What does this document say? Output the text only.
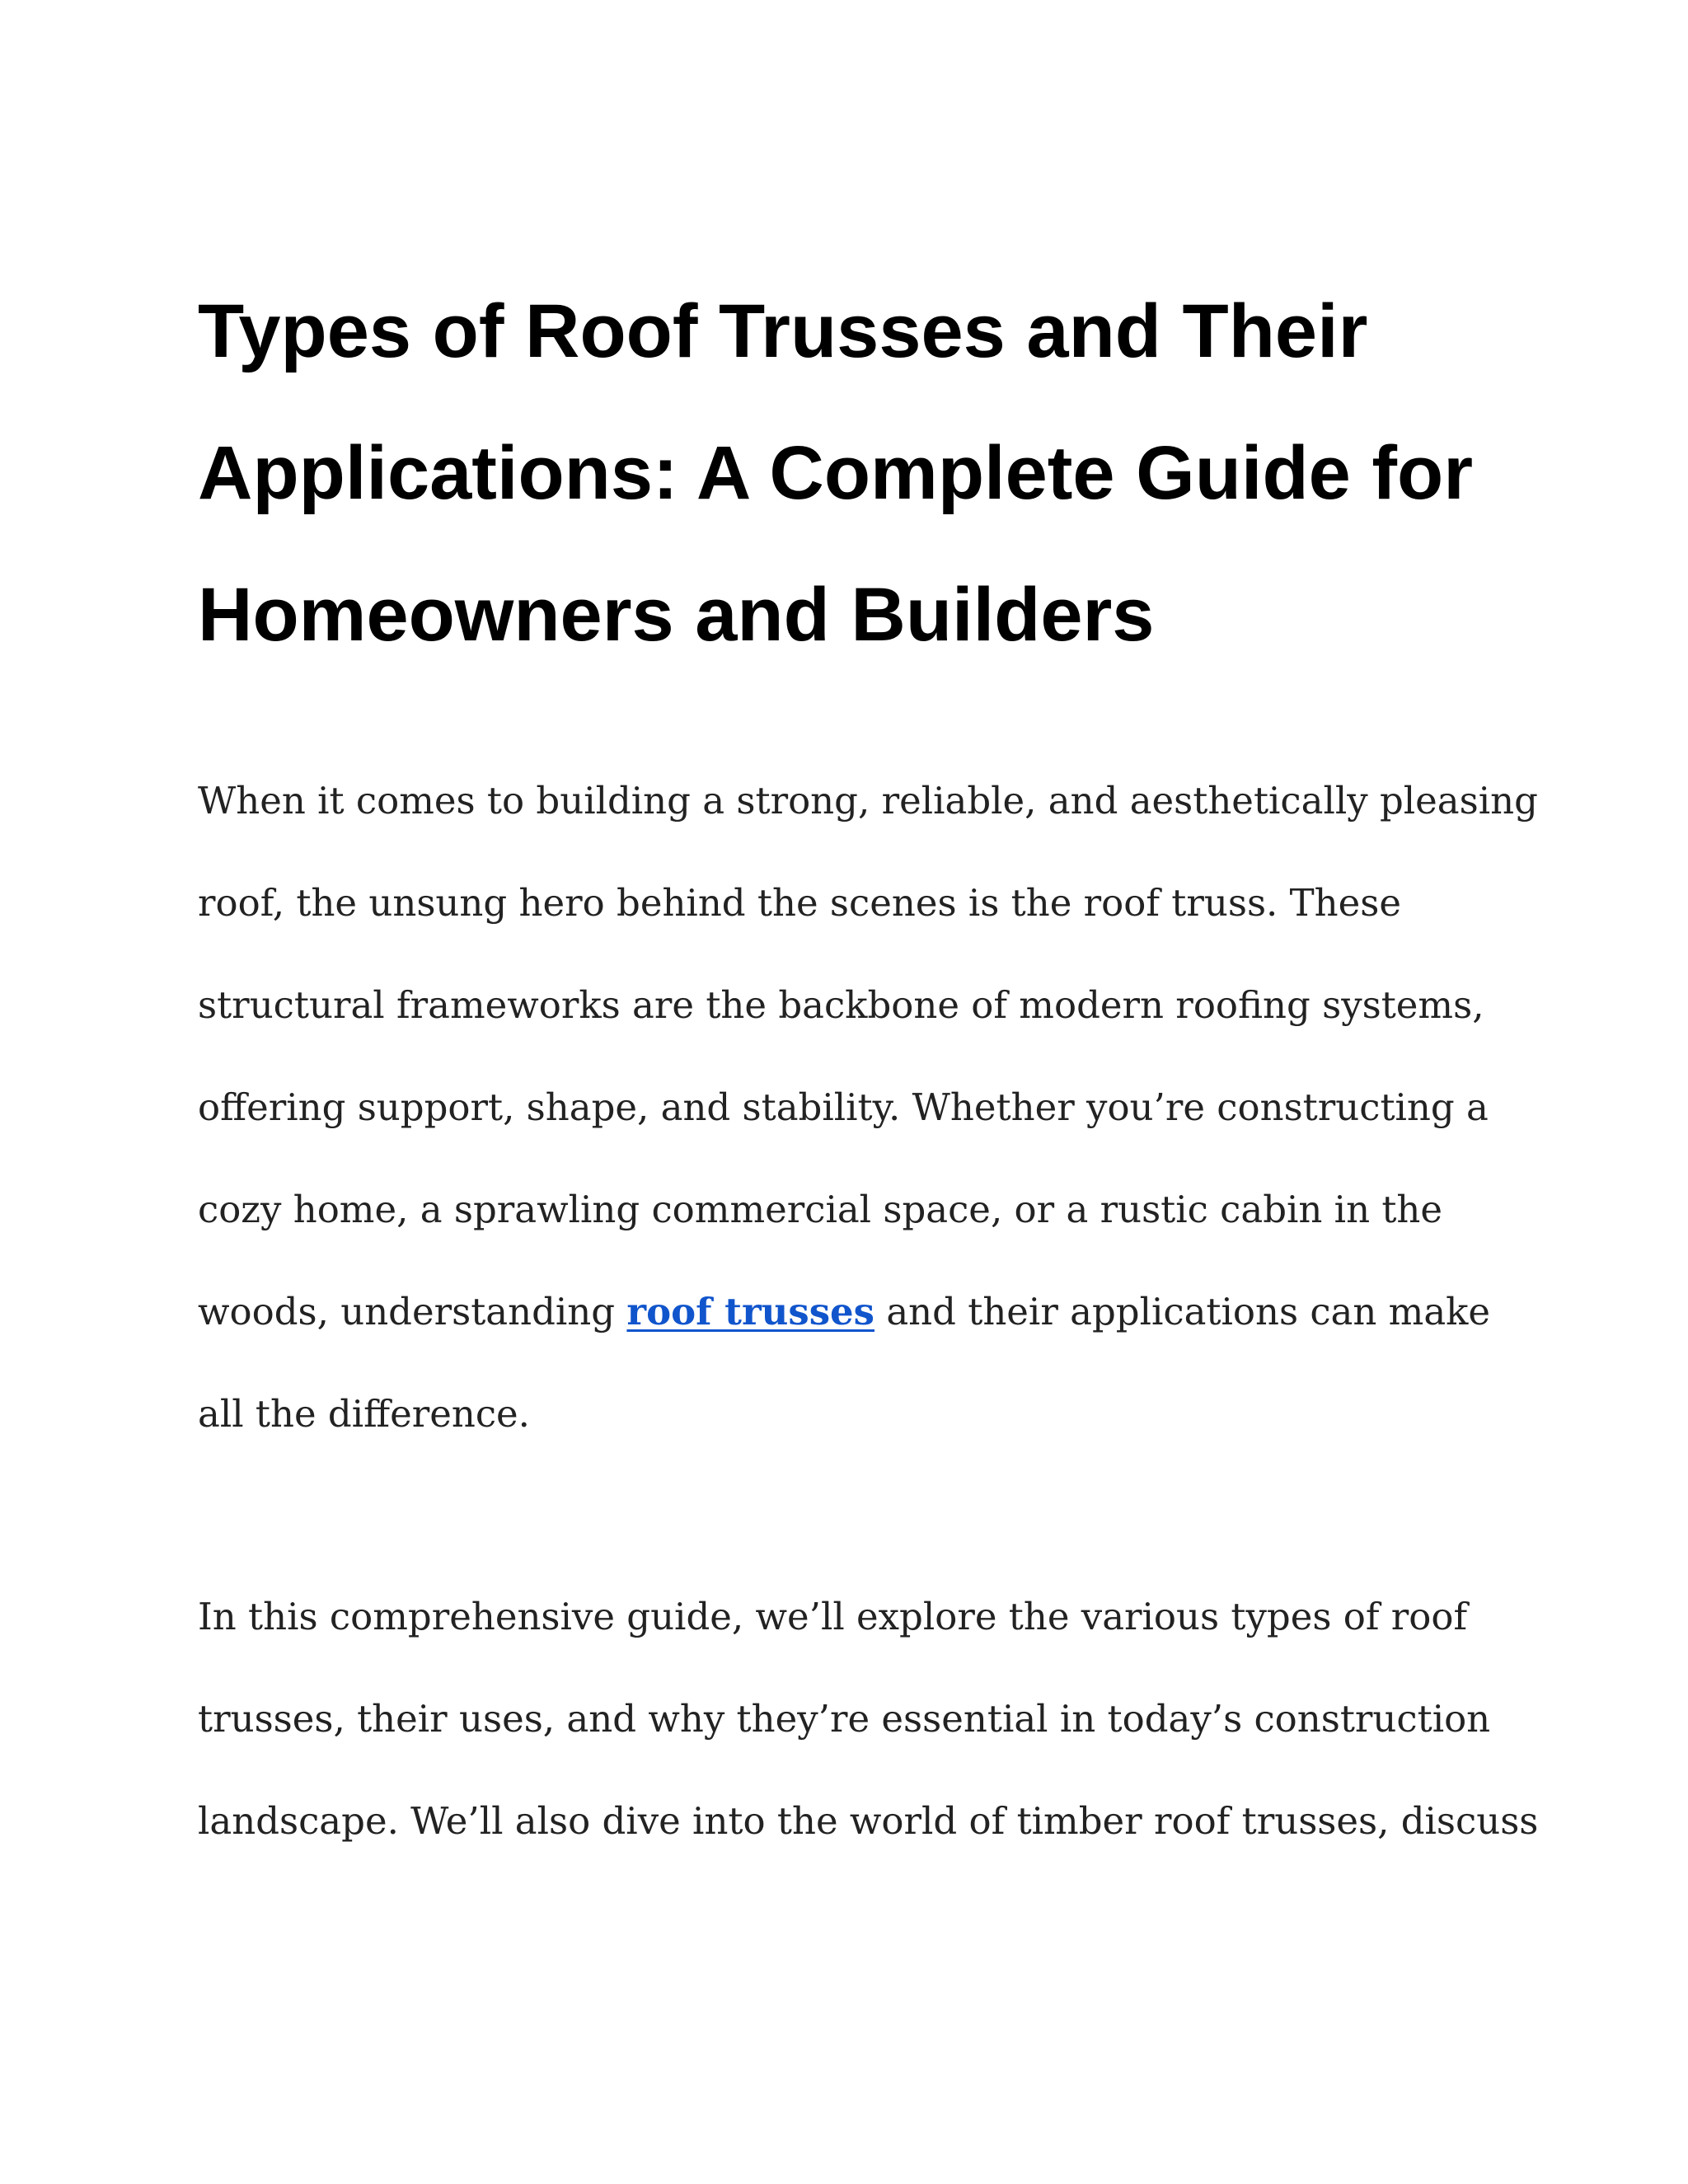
Types of Roof Trusses and Their
Applications: A Complete Guide for
Homeowners and Builders

When it comes to building a strong, reliable, and aesthetically pleasing
roof, the unsung hero behind the scenes is the roof truss. These
structural frameworks are the backbone of modern roofing systems,
offering support, shape, and stability. Whether you’re constructing a
cozy home, a sprawling commercial space, or a rustic cabin in the
woods, understanding roof trusses and their applications can make
all the difference.

In this comprehensive guide, we’ll explore the various types of roof
trusses, their uses, and why they’re essential in today’s construction
landscape. We’ll also dive into the world of timber roof trusses, discuss
